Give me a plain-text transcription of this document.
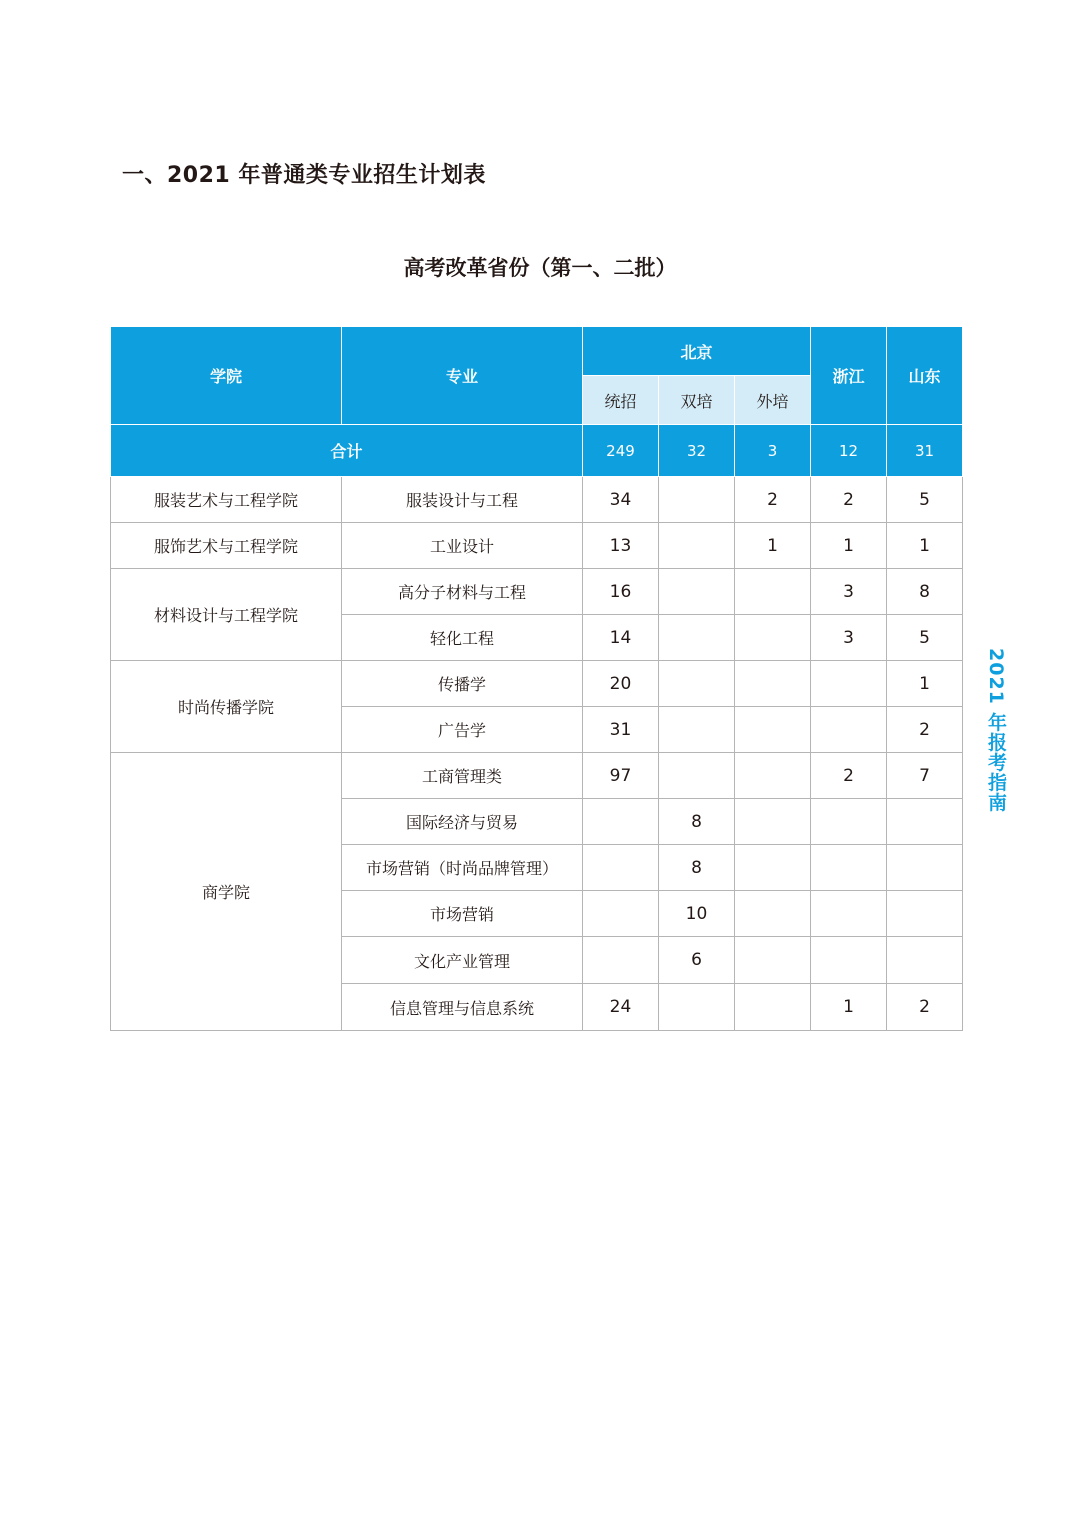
一、2021 年普通类专业招生计划表
高考改革省份（第一、二批）
学院	专业	北京			浙江	山东
		统招	双培	外培		
合计		249	32	3	12	31
服装艺术与工程学院	服装设计与工程	34		2	2	5
服饰艺术与工程学院	工业设计	13		1	1	1
材料设计与工程学院	高分子材料与工程	16			3	8
	轻化工程	14			3	5
时尚传播学院	传播学	20				1
	广告学	31				2
商学院	工商管理类	97			2	7
	国际经济与贸易		8			
	市场营销（时尚品牌管理）		8			
	市场营销		10			
	文化产业管理		6			
	信息管理与信息系统	24			1	2
2021 年报考指南
